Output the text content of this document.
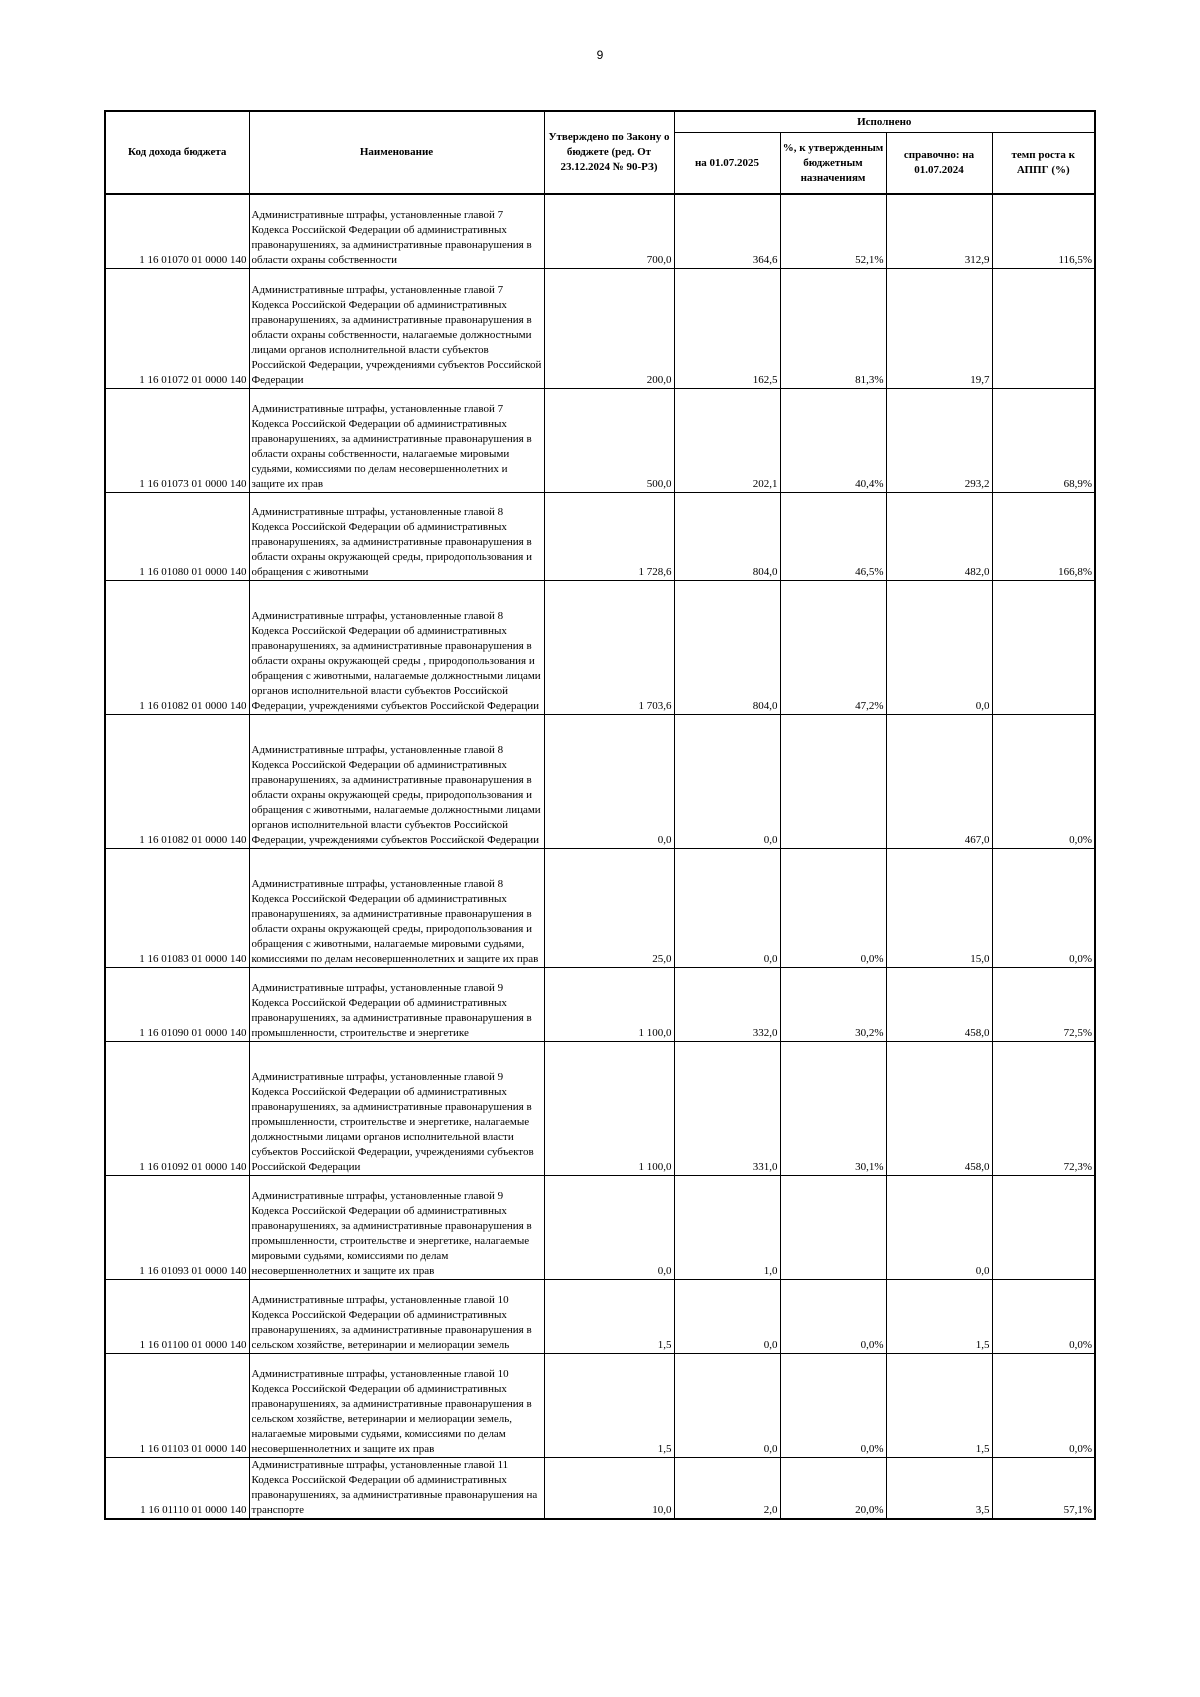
9
Код дохода бюджета	Наименование	Утверждено по Закону о бюджете (ред. От 23.12.2024 № 90-РЗ)	Исполнено			
			на 01.07.2025	%, к утвержденным бюджетным назначениям	справочно: на 01.07.2024	темп роста к АППГ (%)
1 16 01070 01 0000 140	Административные штрафы, установленные главой 7 Кодекса Российской Федерации об административных правонарушениях, за административные правонарушения в области охраны собственности	700,0	364,6	52,1%	312,9	116,5%
1 16 01072 01 0000 140	Административные штрафы, установленные главой 7 Кодекса Российской Федерации об административных правонарушениях, за административные правонарушения в области охраны собственности, налагаемые должностными лицами органов исполнительной власти субъектов Российской Федерации, учреждениями субъектов Российской Федерации	200,0	162,5	81,3%	19,7	
1 16 01073 01 0000 140	Административные штрафы, установленные главой 7 Кодекса Российской Федерации об административных правонарушениях, за административные правонарушения в области охраны собственности, налагаемые мировыми судьями, комиссиями по делам несовершеннолетних и защите их прав	500,0	202,1	40,4%	293,2	68,9%
1 16 01080 01 0000 140	Административные штрафы, установленные главой 8 Кодекса Российской Федерации об административных правонарушениях, за административные правонарушения в области охраны окружающей среды, природопользования и обращения с животными	1 728,6	804,0	46,5%	482,0	166,8%
1 16 01082 01 0000 140	Административные штрафы, установленные главой 8 Кодекса Российской Федерации об административных правонарушениях, за административные правонарушения в области охраны окружающей среды , природопользования и обращения с животными, налагаемые должностными лицами органов исполнительной власти субъектов Российской Федерации, учреждениями субъектов Российской Федерации	1 703,6	804,0	47,2%	0,0	
1 16 01082 01 0000 140	Административные штрафы, установленные главой 8 Кодекса Российской Федерации об административных правонарушениях, за административные правонарушения в области охраны окружающей среды, природопользования и обращения с животными, налагаемые должностными лицами органов исполнительной власти субъектов Российской Федерации, учреждениями субъектов Российской Федерации	0,0	0,0		467,0	0,0%
1 16 01083 01 0000 140	Административные штрафы, установленные главой 8 Кодекса Российской Федерации об административных правонарушениях, за административные правонарушения в области охраны окружающей среды, природопользования и обращения с животными, налагаемые мировыми судьями, комиссиями по делам несовершеннолетних и защите их прав	25,0	0,0	0,0%	15,0	0,0%
1 16 01090 01 0000 140	Административные штрафы, установленные главой 9 Кодекса Российской Федерации об административных правонарушениях, за административные правонарушения в промышленности, строительстве и энергетике	1 100,0	332,0	30,2%	458,0	72,5%
1 16 01092 01 0000 140	Административные штрафы, установленные главой 9 Кодекса Российской Федерации об административных правонарушениях, за административные правонарушения в промышленности, строительстве и энергетике, налагаемые должностными лицами органов исполнительной власти субъектов Российской Федерации, учреждениями субъектов Российской Федерации	1 100,0	331,0	30,1%	458,0	72,3%
1 16 01093 01 0000 140	Административные штрафы, установленные главой 9 Кодекса Российской Федерации об административных правонарушениях, за административные правонарушения в промышленности, строительстве и энергетике, налагаемые мировыми судьями, комиссиями по делам несовершеннолетних и защите их прав	0,0	1,0		0,0	
1 16 01100 01 0000 140	Административные штрафы, установленные главой 10 Кодекса Российской Федерации об административных правонарушениях, за административные правонарушения в сельском хозяйстве, ветеринарии и мелиорации земель	1,5	0,0	0,0%	1,5	0,0%
1 16 01103 01 0000 140	Административные штрафы, установленные главой 10 Кодекса Российской Федерации об административных правонарушениях, за административные правонарушения в сельском хозяйстве, ветеринарии и мелиорации земель, налагаемые мировыми судьями, комиссиями по делам несовершеннолетних и защите их прав	1,5	0,0	0,0%	1,5	0,0%
1 16 01110 01 0000 140	Административные штрафы, установленные главой 11 Кодекса Российской Федерации об административных правонарушениях, за административные правонарушения на транспорте	10,0	2,0	20,0%	3,5	57,1%
